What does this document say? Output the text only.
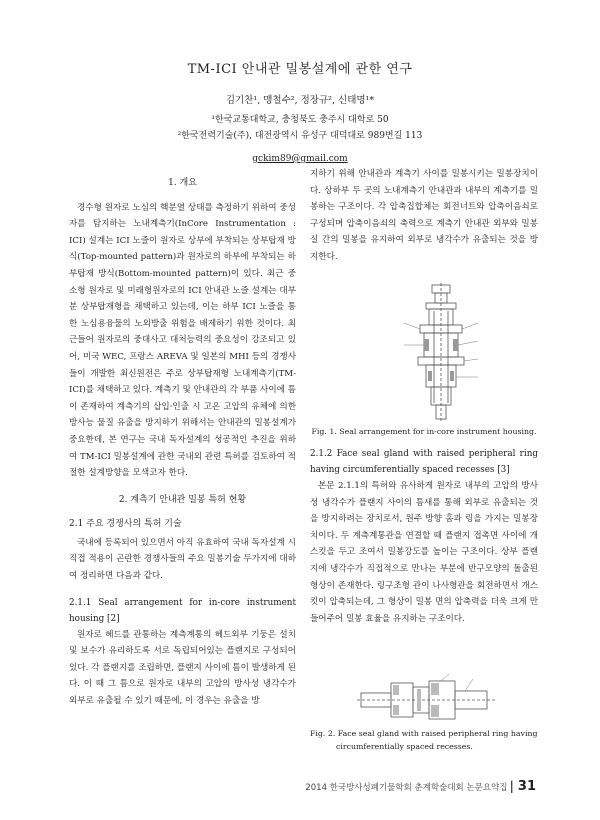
TM-ICI 안내관 밀봉설계에 관한 연구
김기찬¹, 맹철수², 정장규², 신태명¹*
¹한국교통대학교, 충청북도 충주시 대학로 50
²한국전력기술(주), 대전광역시 유성구 대덕대로 989번길 113
gckim89@gmail.com
1. 개요

경수형 원자로 노심의 핵분열 상태를 측정하기 위하여 중성자를 탐지하는 노내계측기(InCore Instrumentation : ICI) 설계는 ICI 노즐이 원자로 상부에 부착되는 상부탑재 방식(Top-mounted pattern)과 원자로의 하부에 부착되는 하부탑재 방식(Bottom-mounted pattern)이 있다. 최근 중소형 원자로 및 미래형원자로의 ICI 안내관 노즐 설계는 대부분 상부탑재형을 채택하고 있는데, 이는 하부 ICI 노즐을 통한 노심용융물의 노외방출 위험을 배제하기 위한 것이다. 최근들어 원자로의 중대사고 대처능력의 중요성이 강조되고 있어, 미국 WEC, 프랑스 AREVA 및 일본의 MHI 등의 경쟁사들이 개발한 최신원전은 주로 상부탑재형 노내계측기(TM-ICI)를 채택하고 있다. 계측기 및 안내관의 각 부품 사이에 틈이 존재하여 계측기의 삽입·인출 시 고온 고압의 유체에 의한 방사능 물질 유출을 방지하기 위해서는 안내관의 밀봉설계가 중요한데, 본 연구는 국내 독자설계의 성공적인 추진을 위하여 TM-ICI 밀봉설계에 관한 국내외 관련 특허를 검토하여 적절한 설계방향을 모색코자 한다.

2. 계측기 안내관 밀봉 특허 현황
2.1 주요 경쟁사의 특허 기술

국내에 등록되어 있으면서 아직 유효하여 국내 독자설계 시 직접 적용이 곤란한 경쟁사들의 주요 밀봉기술 두가지에 대하여 정리하면 다음과 같다.

2.1.1 Seal arrangement for in-core instrument housing [2]

원자로 헤드를 관통하는 계측계통의 헤드외부 기둥은 설치 및 보수가 유리하도록 서로 독립되어있는 플랜지로 구성되어 있다. 각 플랜지를 조립하면, 플랜지 사이에 틈이 발생하게 된다. 이 때 그 틈으로 원자로 내부의 고압의 방사성 냉각수가 외부로 유출될 수 있기 때문에, 이 경우는 유출을 방

지하기 위해 안내관과 계측기 사이를 밀봉시키는 밀봉장치이다. 상하부 두 곳의 노내계측기 안내관과 내부의 계측기를 밀봉하는 구조이다. 각 압축집합체는 회전너트와 압축이음쇠로 구성되며 압축이음쇠의 축력으로 계측기 안내관 외부와 밀봉실 간의 밀봉을 유지하여 외부로 냉각수가 유출되는 것을 방지한다.

Fig. 1. Seal arrangement for in-core instrument housing.
2.1.2 Face seal gland with raised peripheral ring having circumferentially spaced recesses [3]

본문 2.1.1의 특허와 유사하게 원자로 내부의 고압의 방사성 냉각수가 플랜지 사이의 틈새를 통해 외부로 유출되는 것을 방지하려는 장치로서, 원주 방향 홈과 링을 가지는 밀봉장치이다. 두 계측계통관을 연결할 때 플랜지 접촉면 사이에 개스킷을 두고 조여서 밀봉강도를 높이는 구조이다. 상부 플랜지에 냉각수가 직접적으로 만나는 부분에 반구모양의 돌출된 형상이 존재한다. 링구조형 관이 나사형관을 회전하면서 개스킷이 압축되는데, 그 형상이 밀봉 면의 압축력을 더욱 크게 만들어주어 밀봉 효율을 유지하는 구조이다.

Fig. 2. Face seal gland with raised peripheral ring having
circumferentially spaced recesses.
2014 한국방사성폐기물학회 춘계학술대회 논문요약집 | 31
